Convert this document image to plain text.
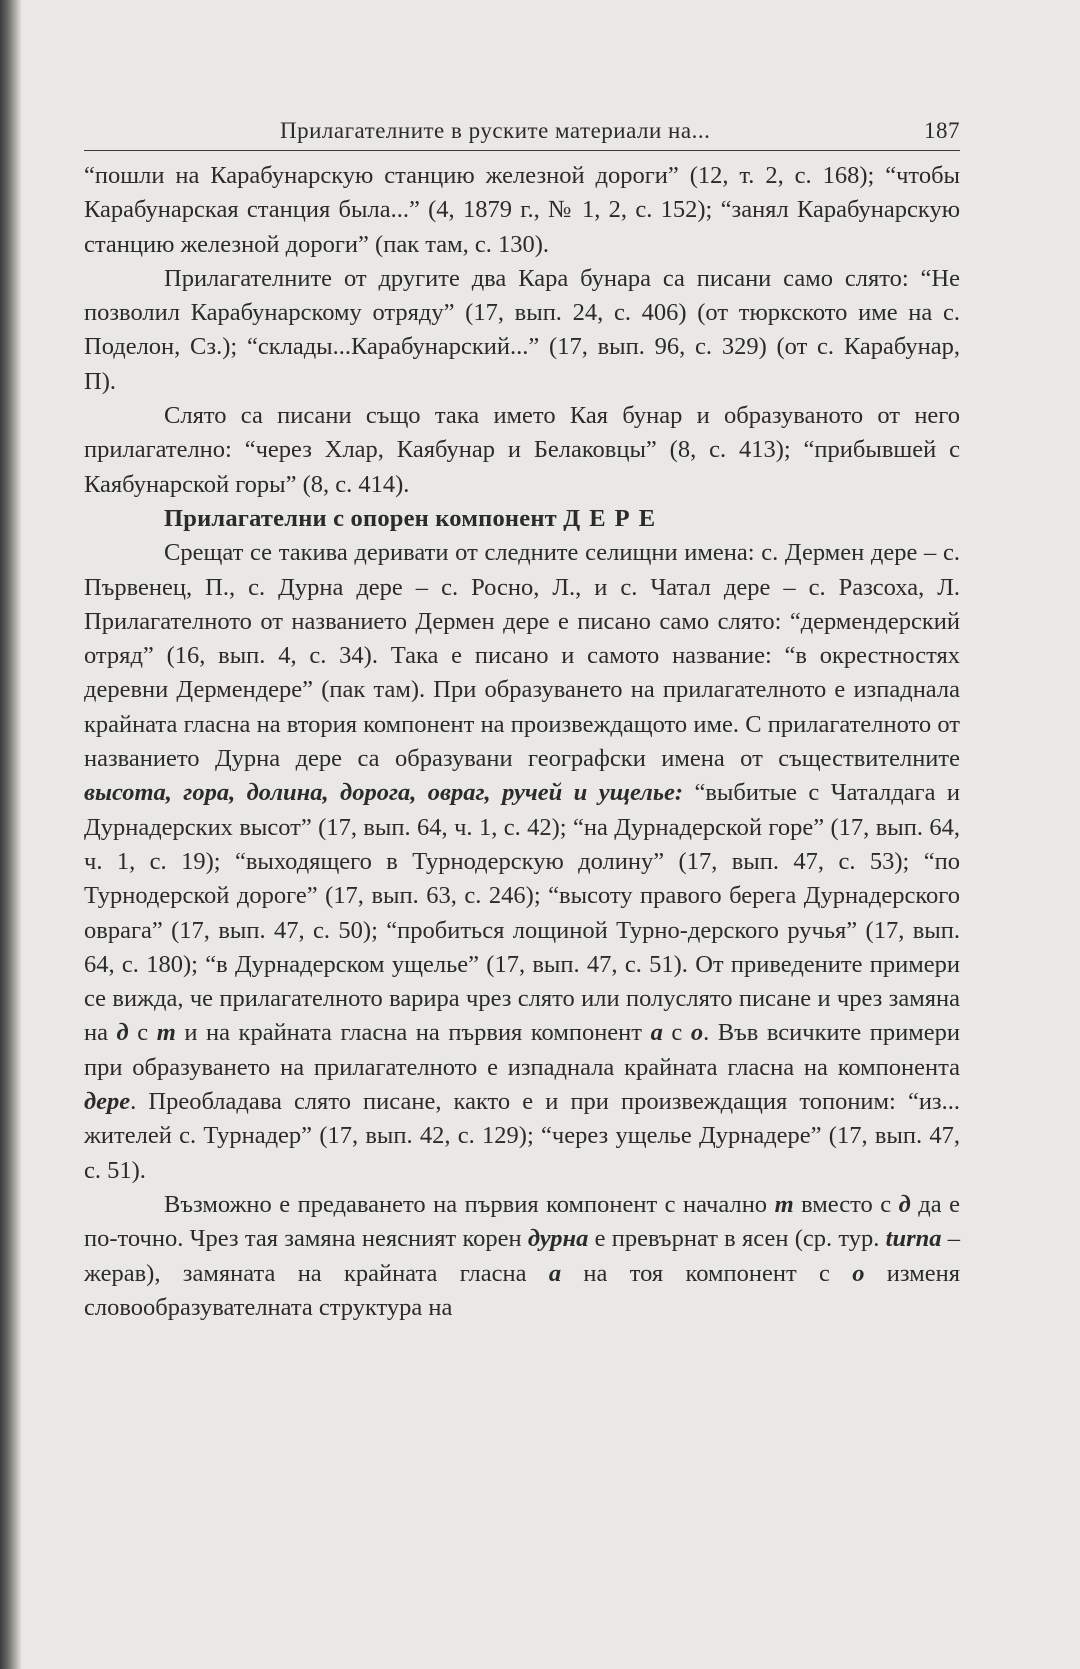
Прилагателните в руските материали на...	187

“пошли на Карабунарскую станцию железной дороги” (12, т. 2, с. 168); “чтобы Карабунарская станция была...” (4, 1879 г., № 1, 2, с. 152); “занял Карабунарскую станцию железной дороги” (пак там, с. 130).

Прилагателните от другите два Кара бунара са писани само слято: “Не позволил Карабунарскому отряду” (17, вып. 24, с. 406) (от тюркското име на с. Поделон, Сз.); “склады...Карабунарский...” (17, вып. 96, с. 329) (от с. Карабунар, П).

Слято са писани също така името Кая бунар и образуваното от него прилагателно: “через Хлар, Каябунар и Белаковцы” (8, с. 413); “прибывшей с Каябунарской горы” (8, с. 414).

Прилагателни с опорен компонент Д Е Р Е

Срещат се такива деривати от следните селищни имена: с. Дермен дере – с. Първенец, П., с. Дурна дере – с. Росно, Л., и с. Чатал дере – с. Разсоха, Л. Прилагателното от названието Дермен дере е писано само слято: “дермендерский отряд” (16, вып. 4, с. 34). Така е писано и самото название: “в окрестностях деревни Дермендере” (пак там). При образуването на прилагателното е изпаднала крайната гласна на втория компонент на произвеждащото име. С прилагателното от названието Дурна дере са образувани географски имена от съществителните высота, гора, долина, дорога, овраг, ручей и ущелье: “выбитые с Чаталдага и Дурнадерских высот” (17, вып. 64, ч. 1, с. 42); “на Дурнадерской горе” (17, вып. 64, ч. 1, с. 19); “выходящего в Турнодерскую долину” (17, вып. 47, с. 53); “по Турнодерской дороге” (17, вып. 63, с. 246); “высоту правого берега Дурнадерского оврага” (17, вып. 47, с. 50); “пробиться лощиной Турно-дерского ручья” (17, вып. 64, с. 180); “в Дурнадерском ущелье” (17, вып. 47, с. 51). От приведените примери се вижда, че прилагателното варира чрез слято или полуслято писане и чрез замяна на д с т и на крайната гласна на първия компонент а с о. Във всичките примери при образуването на прилагателното е изпаднала крайната гласна на компонента дере. Преобладава слято писане, както е и при произвеждащия топоним: “из... жителей с. Турнадер” (17, вып. 42, с. 129); “через ущелье Дурнадере” (17, вып. 47, с. 51).

Възможно е предаването на първия компонент с начално т вместо с д да е по-точно. Чрез тая замяна неясният корен дурна е превърнат в ясен (ср. тур. turna – жерав), замяната на крайната гласна а на тоя компонент с о изменя словообразувателната структура на
